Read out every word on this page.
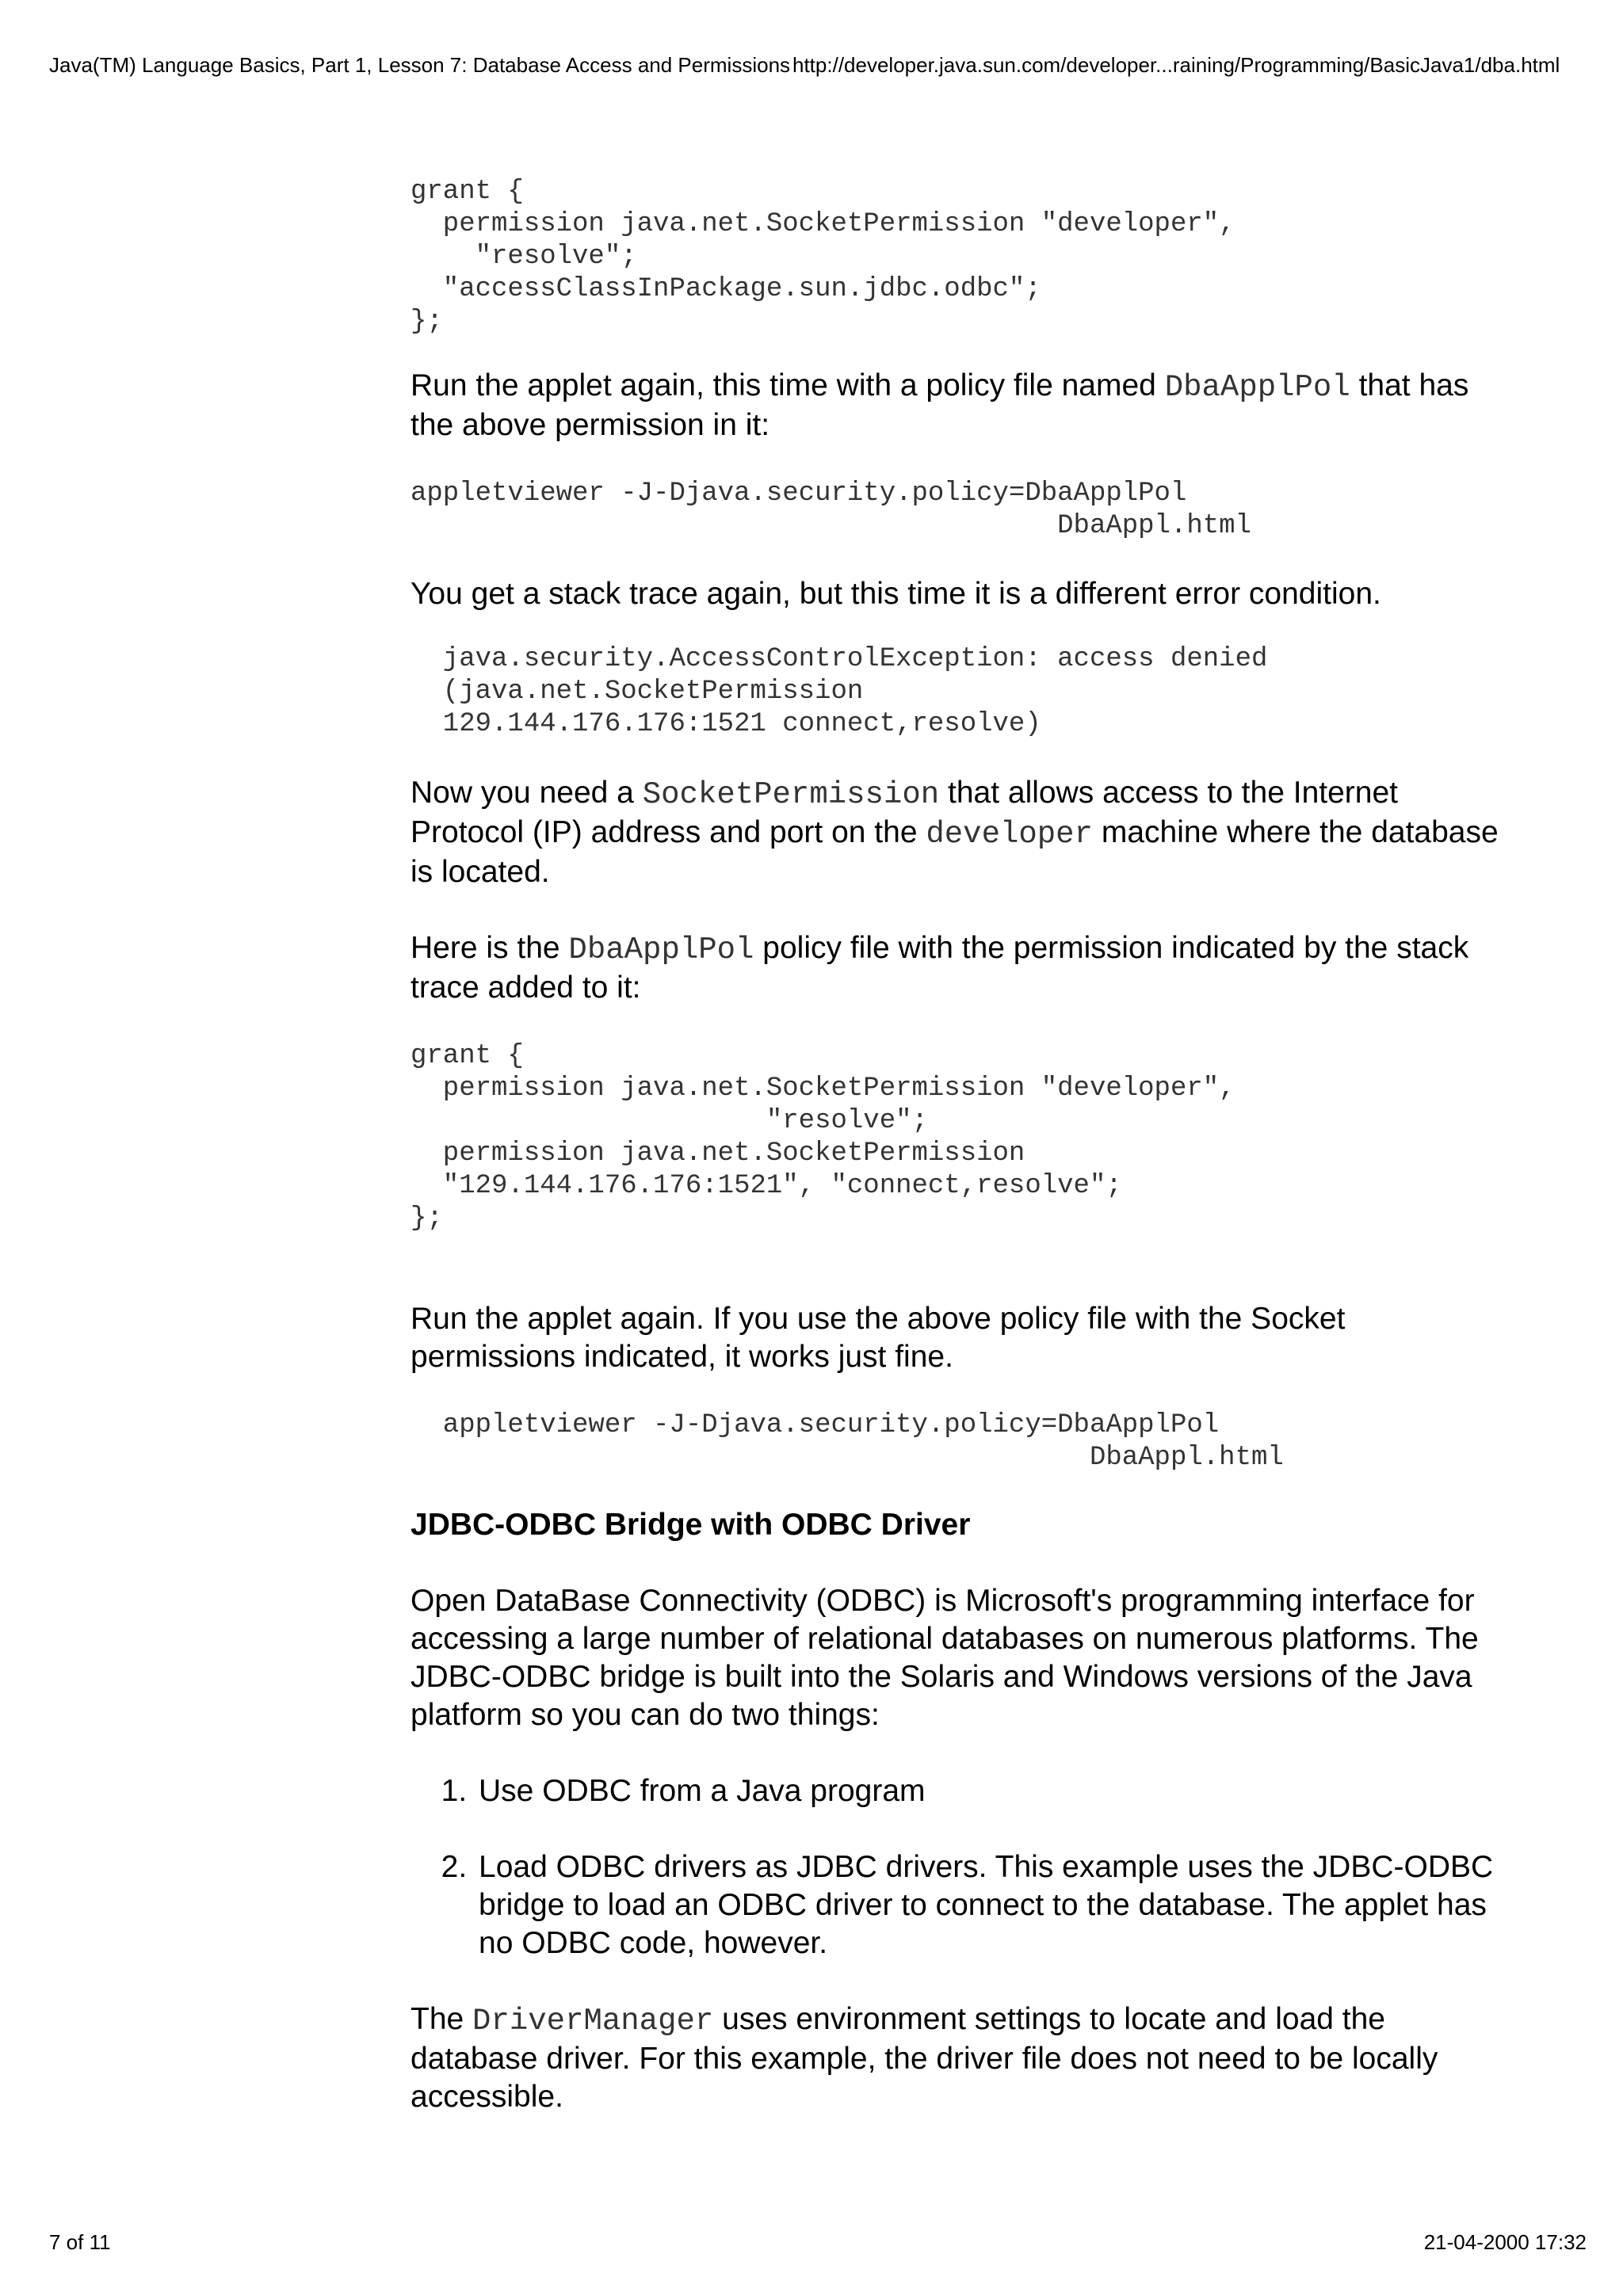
Java(TM) Language Basics, Part 1, Lesson 7: Database Access and Permissions http://developer.java.sun.com/developer...raining/Programming/BasicJava1/dba.html
grant {
permission java.net.SocketPermission "developer",
"resolve";
"accessClassInPackage.sun.jdbc.odbc";
};

Run the applet again, this time with a policy file named DbaApplPol that has the above permission in it:

appletviewer -J-Djava.security.policy=DbaApplPol
DbaAppl.html

You get a stack trace again, but this time it is a different error condition.

java.security.AccessControlException: access denied
(java.net.SocketPermission
129.144.176.176:1521 connect,resolve)

Now you need a SocketPermission that allows access to the Internet Protocol (IP) address and port on the developer machine where the database is located.

Here is the DbaApplPol policy file with the permission indicated by the stack trace added to it:

grant {
permission java.net.SocketPermission "developer",
"resolve";
permission java.net.SocketPermission
"129.144.176.176:1521", "connect,resolve";
};

Run the applet again. If you use the above policy file with the Socket permissions indicated, it works just fine.

appletviewer -J-Djava.security.policy=DbaApplPol
DbaAppl.html
JDBC-ODBC Bridge with ODBC Driver

Open DataBase Connectivity (ODBC) is Microsoft's programming interface for accessing a large number of relational databases on numerous platforms. The JDBC-ODBC bridge is built into the Solaris and Windows versions of the Java platform so you can do two things:

1. Use ODBC from a Java program
2. Load ODBC drivers as JDBC drivers. This example uses the JDBC-ODBC bridge to load an ODBC driver to connect to the database. The applet has no ODBC code, however.

The DriverManager uses environment settings to locate and load the database driver. For this example, the driver file does not need to be locally accessible.

7 of 11	21-04-2000 17:32
